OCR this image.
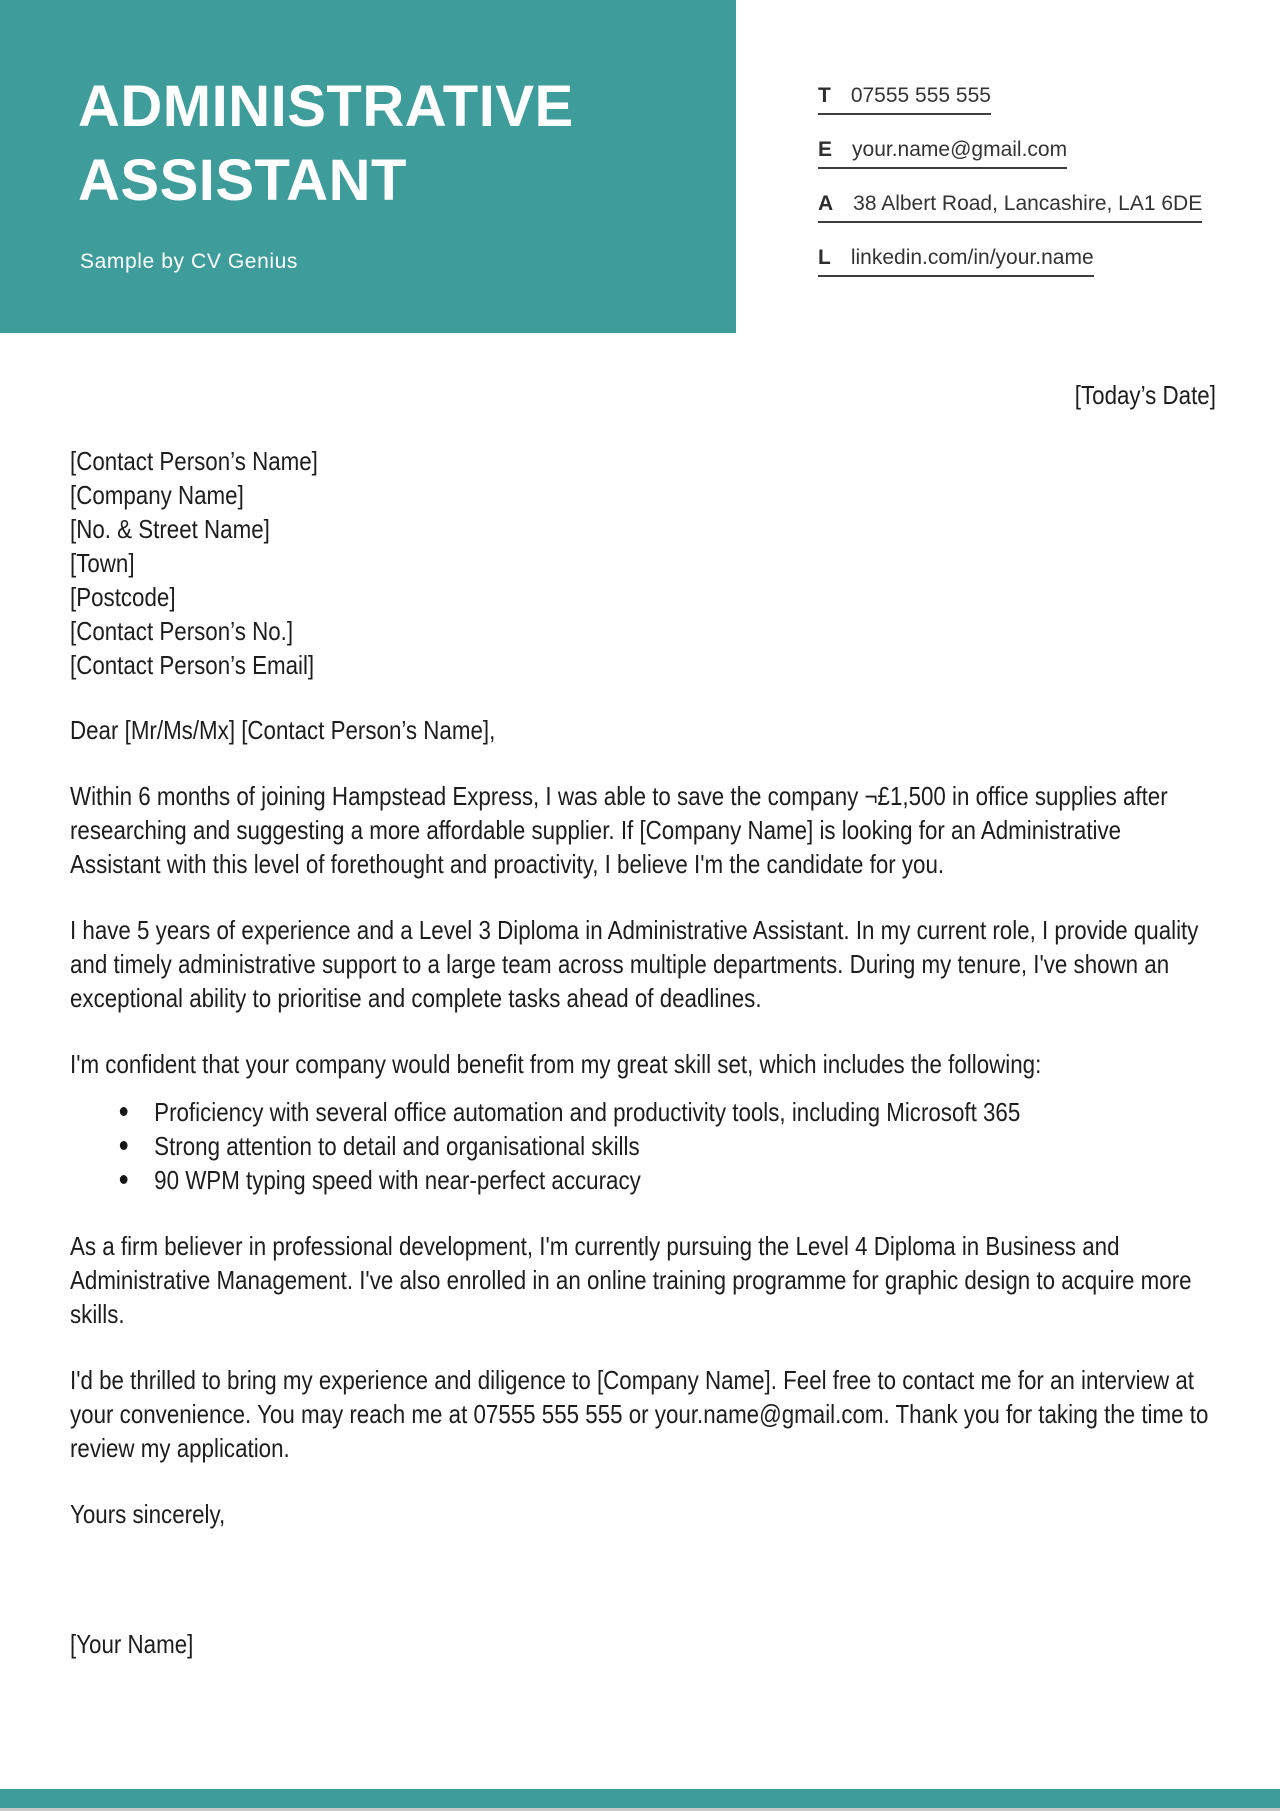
ADMINISTRATIVE ASSISTANT
Sample by CV Genius
T 07555 555 555
E your.name@gmail.com
A 38 Albert Road, Lancashire, LA1 6DE
L linkedin.com/in/your.name
[Today’s Date]
[Contact Person’s Name]
[Company Name]
[No. & Street Name]
[Town]
[Postcode]
[Contact Person’s No.]
[Contact Person’s Email]
Dear [Mr/Ms/Mx] [Contact Person’s Name],
Within 6 months of joining Hampstead Express, I was able to save the company ¬£1,500 in office supplies after researching and suggesting a more affordable supplier. If [Company Name] is looking for an Administrative Assistant with this level of forethought and proactivity, I believe I'm the candidate for you.
I have 5 years of experience and a Level 3 Diploma in Administrative Assistant. In my current role, I provide quality and timely administrative support to a large team across multiple departments. During my tenure, I've shown an exceptional ability to prioritise and complete tasks ahead of deadlines.
I'm confident that your company would benefit from my great skill set, which includes the following:
Proficiency with several office automation and productivity tools, including Microsoft 365
Strong attention to detail and organisational skills
90 WPM typing speed with near-perfect accuracy
As a firm believer in professional development, I'm currently pursuing the Level 4 Diploma in Business and Administrative Management. I've also enrolled in an online training programme for graphic design to acquire more skills.
I'd be thrilled to bring my experience and diligence to [Company Name]. Feel free to contact me for an interview at your convenience. You may reach me at 07555 555 555 or your.name@gmail.com. Thank you for taking the time to review my application.
Yours sincerely,
[Your Name]
